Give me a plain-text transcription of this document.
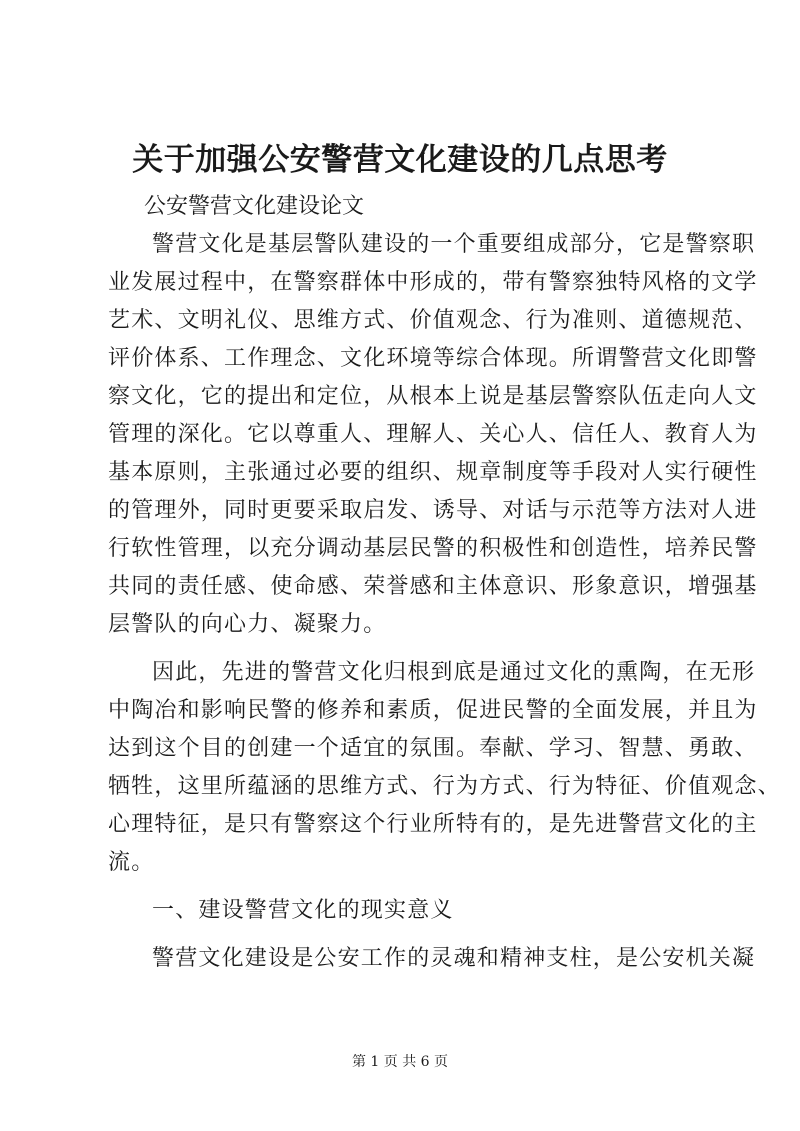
关于加强公安警营文化建设的几点思考
公安警营文化建设论文
警营文化是基层警队建设的一个重要组成部分，它是警察职
业发展过程中，在警察群体中形成的，带有警察独特风格的文学
艺术、文明礼仪、思维方式、价值观念、行为准则、道德规范、
评价体系、工作理念、文化环境等综合体现。所谓警营文化即警
察文化，它的提出和定位，从根本上说是基层警察队伍走向人文
管理的深化。它以尊重人、理解人、关心人、信任人、教育人为
基本原则，主张通过必要的组织、规章制度等手段对人实行硬性
的管理外，同时更要采取启发、诱导、对话与示范等方法对人进
行软性管理，以充分调动基层民警的积极性和创造性，培养民警
共同的责任感、使命感、荣誉感和主体意识、形象意识，增强基
层警队的向心力、凝聚力。
因此，先进的警营文化归根到底是通过文化的熏陶，在无形
中陶冶和影响民警的修养和素质，促进民警的全面发展，并且为
达到这个目的创建一个适宜的氛围。奉献、学习、智慧、勇敢、
牺牲，这里所蕴涵的思维方式、行为方式、行为特征、价值观念、
心理特征，是只有警察这个行业所特有的，是先进警营文化的主
流。
一、建设警营文化的现实意义
警营文化建设是公安工作的灵魂和精神支柱，是公安机关凝
第 1 页 共 6 页
